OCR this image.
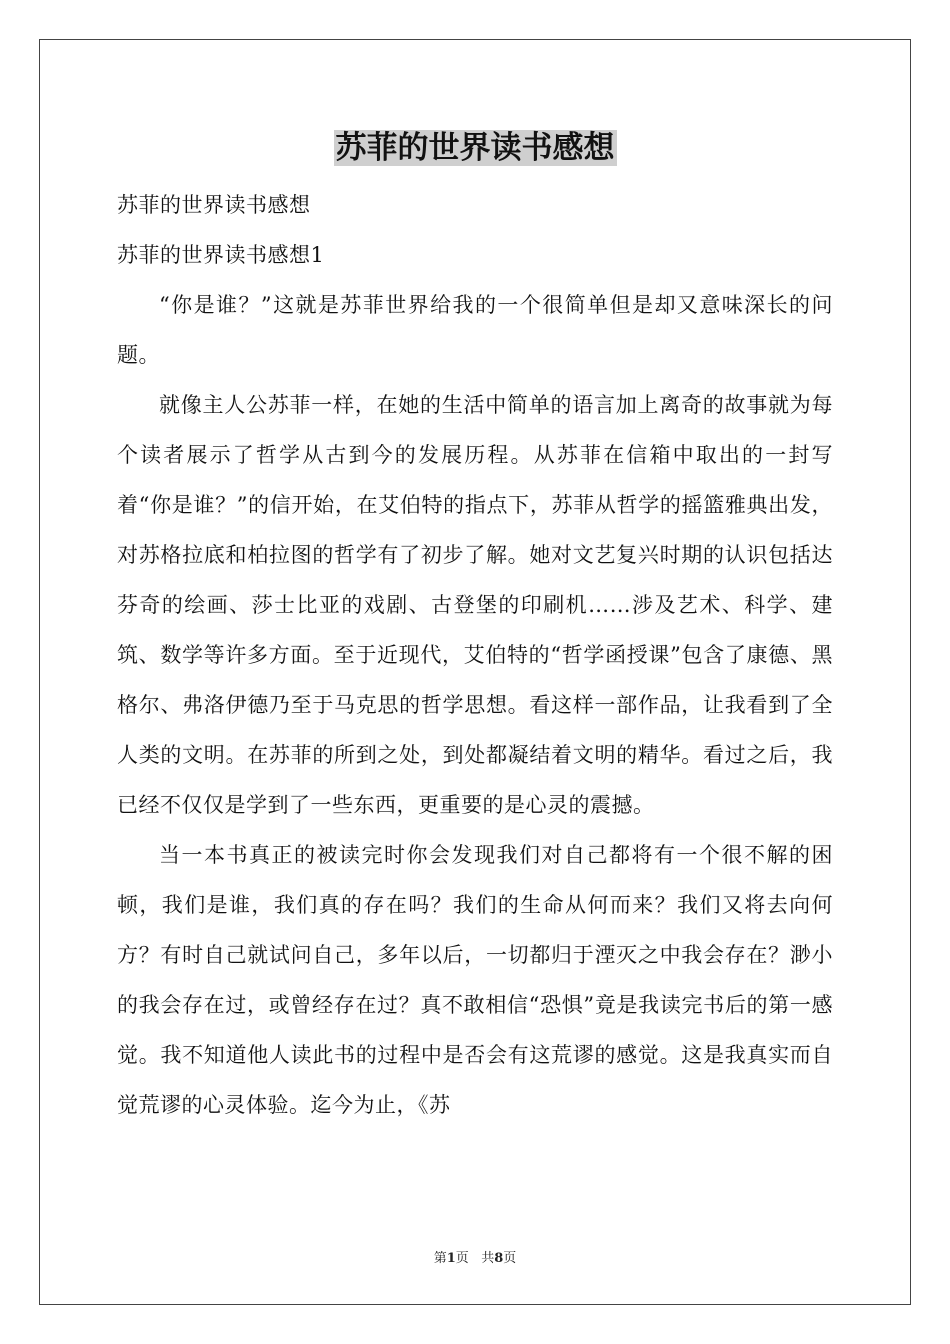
苏菲的世界读书感想

苏菲的世界读书感想

苏菲的世界读书感想1

“你是谁？”这就是苏菲世界给我的一个很简单但是却又意味深长的问题。

就像主人公苏菲一样，在她的生活中简单的语言加上离奇的故事就为每个读者展示了哲学从古到今的发展历程。从苏菲在信箱中取出的一封写着“你是谁？”的信开始，在艾伯特的指点下，苏菲从哲学的摇篮雅典出发，对苏格拉底和柏拉图的哲学有了初步了解。她对文艺复兴时期的认识包括达芬奇的绘画、莎士比亚的戏剧、古登堡的印刷机……涉及艺术、科学、建筑、数学等许多方面。至于近现代，艾伯特的“哲学函授课”包含了康德、黑格尔、弗洛伊德乃至于马克思的哲学思想。看这样一部作品，让我看到了全人类的文明。在苏菲的所到之处，到处都凝结着文明的精华。看过之后，我已经不仅仅是学到了一些东西，更重要的是心灵的震撼。

当一本书真正的被读完时你会发现我们对自己都将有一个很不解的困顿，我们是谁，我们真的存在吗？我们的生命从何而来？我们又将去向何方？有时自己就试问自己，多年以后，一切都归于湮灭之中我会存在？渺小的我会存在过，或曾经存在过？真不敢相信“恐惧”竟是我读完书后的第一感觉。我不知道他人读此书的过程中是否会有这荒谬的感觉。这是我真实而自觉荒谬的心灵体验。迄今为止，《苏

第1页 共8页
